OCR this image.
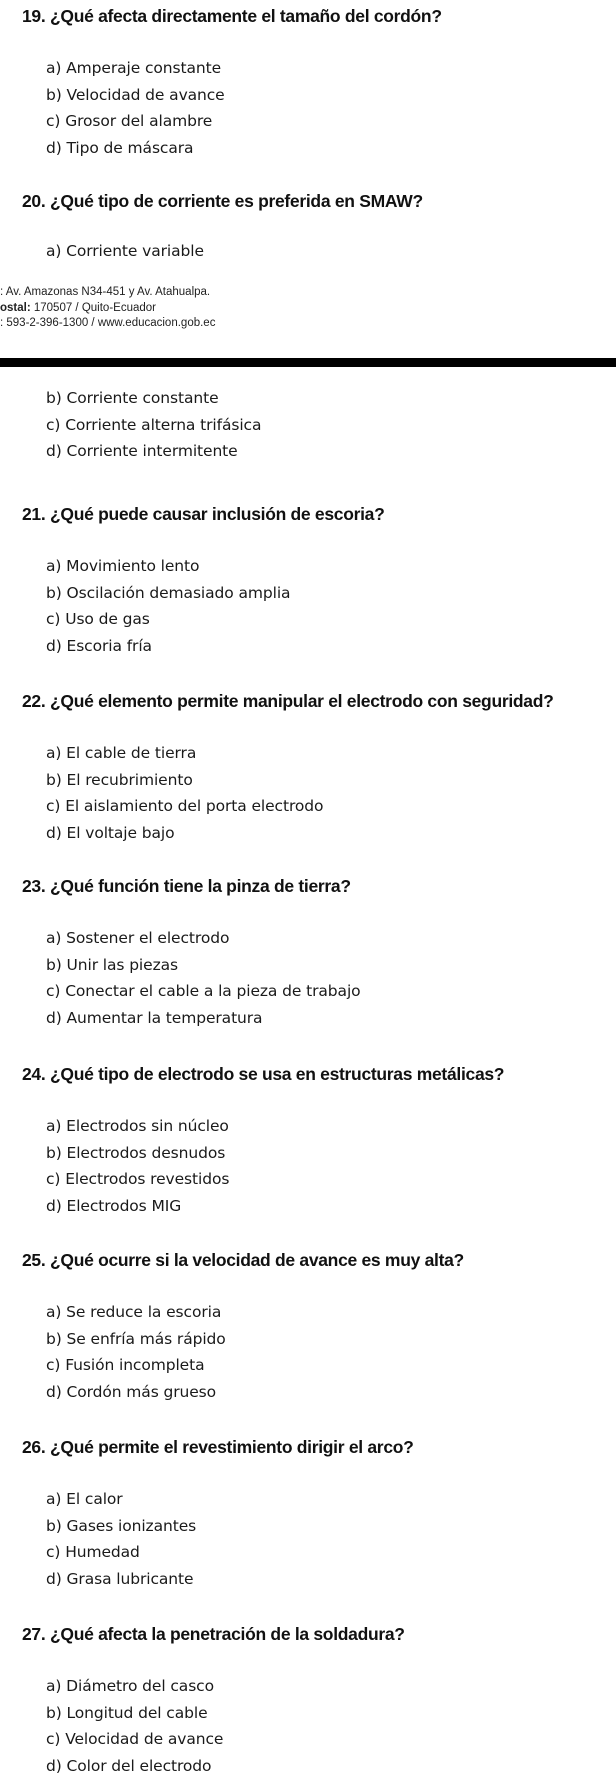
19. ¿Qué afecta directamente el tamaño del cordón?
a) Amperaje constante
b) Velocidad de avance
c) Grosor del alambre
d) Tipo de máscara
20. ¿Qué tipo de corriente es preferida en SMAW?
a) Corriente variable
: Av. Amazonas N34-451 y Av. Atahualpa.
ostal: 170507 / Quito-Ecuador
: 593-2-396-1300 / www.educacion.gob.ec
b) Corriente constante
c) Corriente alterna trifásica
d) Corriente intermitente
21. ¿Qué puede causar inclusión de escoria?
a) Movimiento lento
b) Oscilación demasiado amplia
c) Uso de gas
d) Escoria fría
22. ¿Qué elemento permite manipular el electrodo con seguridad?
a) El cable de tierra
b) El recubrimiento
c) El aislamiento del porta electrodo
d) El voltaje bajo
23. ¿Qué función tiene la pinza de tierra?
a) Sostener el electrodo
b) Unir las piezas
c) Conectar el cable a la pieza de trabajo
d) Aumentar la temperatura
24. ¿Qué tipo de electrodo se usa en estructuras metálicas?
a) Electrodos sin núcleo
b) Electrodos desnudos
c) Electrodos revestidos
d) Electrodos MIG
25. ¿Qué ocurre si la velocidad de avance es muy alta?
a) Se reduce la escoria
b) Se enfría más rápido
c) Fusión incompleta
d) Cordón más grueso
26. ¿Qué permite el revestimiento dirigir el arco?
a) El calor
b) Gases ionizantes
c) Humedad
d) Grasa lubricante
27. ¿Qué afecta la penetración de la soldadura?
a) Diámetro del casco
b) Longitud del cable
c) Velocidad de avance
d) Color del electrodo
